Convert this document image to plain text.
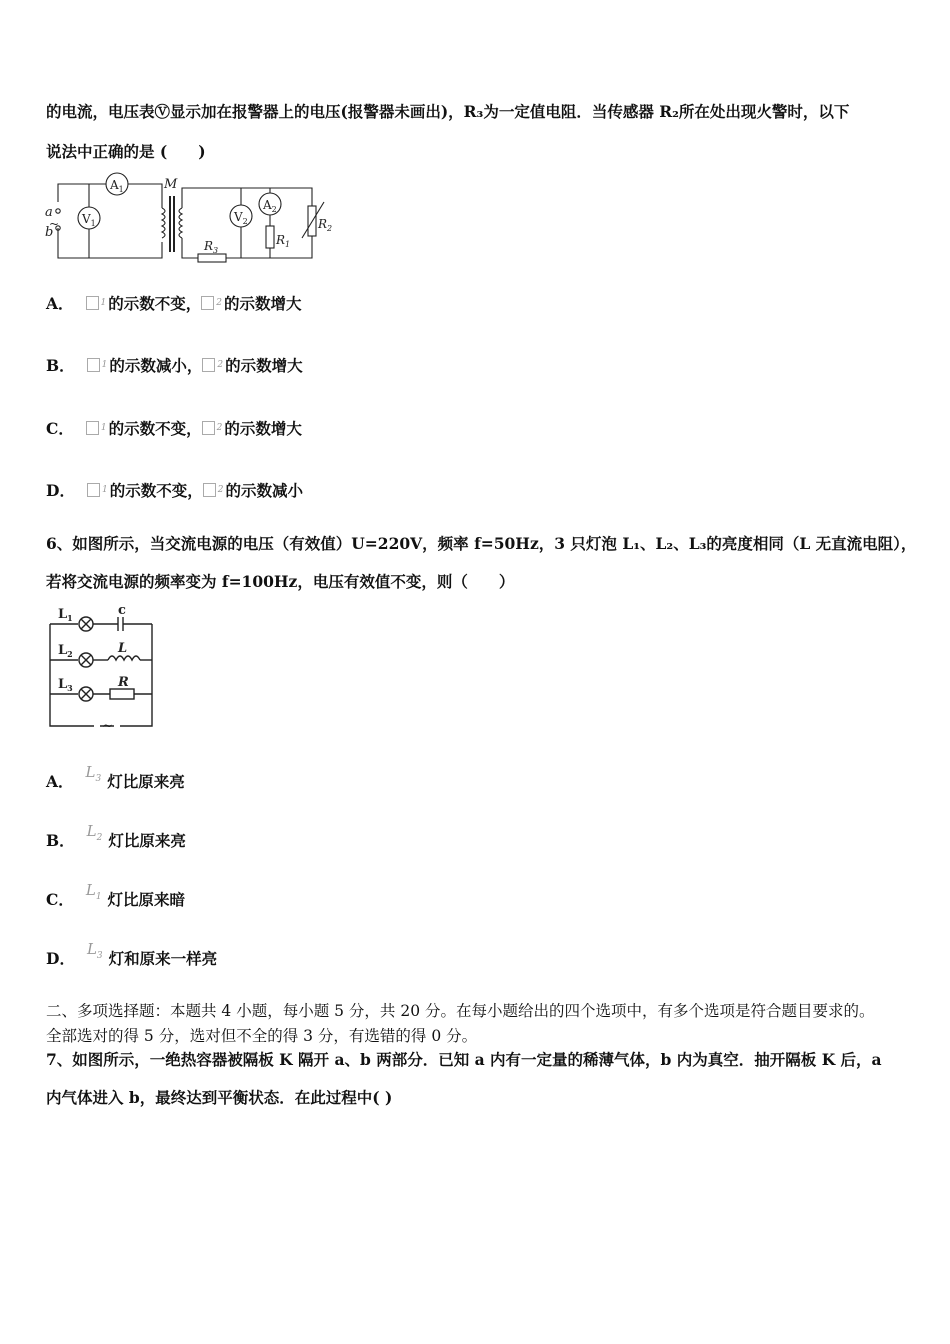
的电流，电压表Ⓥ显示加在报警器上的电压(报警器未画出)，R₃为一定值电阻．当传感器 R₂所在处出现火警时，以下
说法中正确的是 (　　)
a
b
~
M
$A_1$
$V_1$	$V_2$
$A_2$
$R_1$
$R_2$
$R_3$
A．	1 的示数不变， 2 的示数增大
B．	1 的示数减小， 2 的示数增大
C．	1 的示数不变， 2 的示数增大
D．	1 的示数不变， 2 的示数减小
6、如图所示，当交流电源的电压（有效值）U=220V，频率 f=50Hz，3 只灯泡 L₁、L₂、L₃的亮度相同（L 无直流电阻），
若将交流电源的频率变为 f=100Hz，电压有效值不变，则（　　）
$L_1$
$L_2$
$L_3$
c
L
R
~
A． $L_3$ 灯比原来亮
B． $L_2$ 灯比原来亮
C． $L_1$ 灯比原来暗
D． $L_3$ 灯和原来一样亮
二、多项选择题：本题共 4 小题，每小题 5 分，共 20 分。在每小题给出的四个选项中，有多个选项是符合题目要求的。
全部选对的得 5 分，选对但不全的得 3 分，有选错的得 0 分。
7、如图所示，一绝热容器被隔板 K 隔开 a、b 两部分．已知 a 内有一定量的稀薄气体，b 内为真空．抽开隔板 K 后，a
内气体进入 b，最终达到平衡状态．在此过程中( )
